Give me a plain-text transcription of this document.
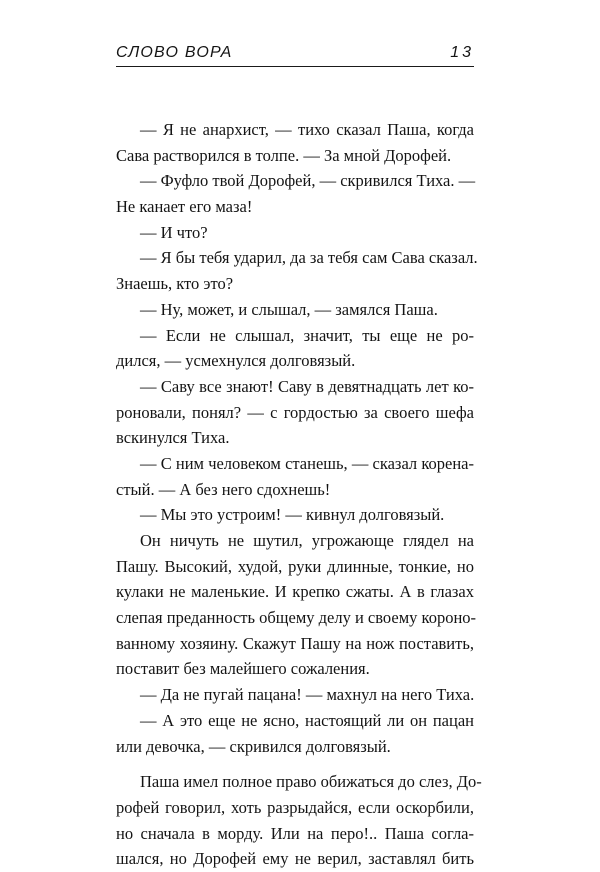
СЛОВО ВОРА	13
— Я не анархист, — тихо сказал Паша, когда
Сава растворился в толпе. — За мной Дорофей.
— Фуфло твой Дорофей, — скривился Тиха. —
Не канает его маза!
— И что?
— Я бы тебя ударил, да за тебя сам Сава сказал.
Знаешь, кто это?
— Ну, может, и слышал, — замялся Паша.
— Если не слышал, значит, ты еще не ро-
дился, — усмехнулся долговязый.
— Саву все знают! Саву в девятнадцать лет ко-
роновали, понял? — с гордостью за своего шефа
вскинулся Тиха.
— С ним человеком станешь, — сказал корена-
стый. — А без него сдохнешь!
— Мы это устроим! — кивнул долговязый.
Он ничуть не шутил, угрожающе глядел на
Пашу. Высокий, худой, руки длинные, тонкие, но
кулаки не маленькие. И крепко сжаты. А в глазах
слепая преданность общему делу и своему короно-
ванному хозяину. Скажут Пашу на нож поставить,
поставит без малейшего сожаления.
— Да не пугай пацана! — махнул на него Тиха.
— А это еще не ясно, настоящий ли он пацан
или девочка, — скривился долговязый.
Паша имел полное право обижаться до слез, До-
рофей говорил, хоть разрыдайся, если оскорбили,
но сначала в морду. Или на перо!.. Паша согла-
шался, но Дорофей ему не верил, заставлял бить
